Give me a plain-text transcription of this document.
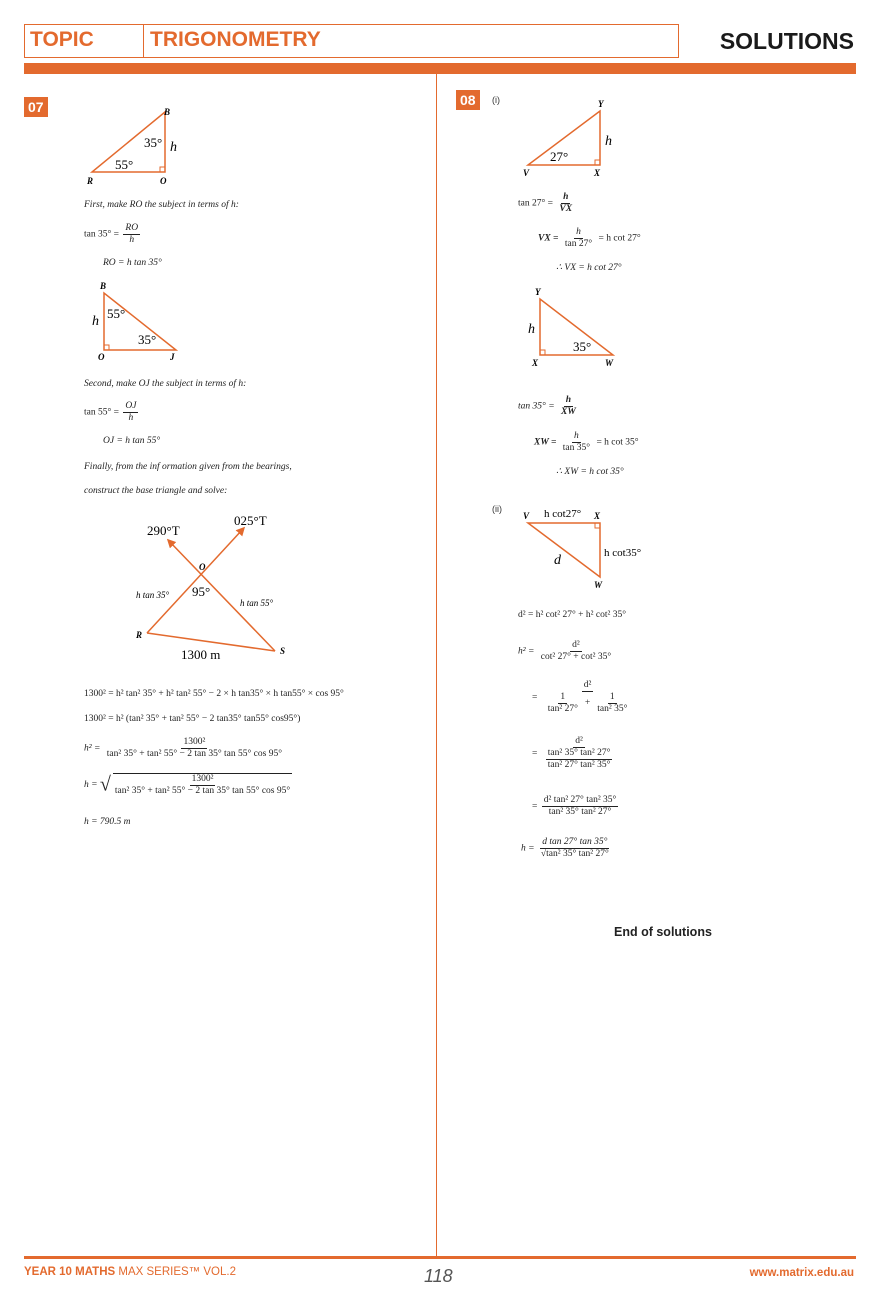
TOPIC	TRIGONOMETRY	SOLUTIONS
07	B
R	O
35°
55°
h
First, make RO the subject in terms of h:
$\tan 35^\circ = \frac{RO}{h}$
RO = h tan 35°
B
O	J
55°
35°
h
Second, make OJ the subject in terms of h:
$\tan 55^\circ = \frac{OJ}{h}$
OJ = h tan 55°
Finally, from the inf ormation given from the bearings,
construct the base triangle and solve:
290°T
025°T
O
R
S
95°
h tan 35°
h tan 55°
1300 m
1300² = h² tan² 35° + h² tan² 55° − 2 × h tan35° × h tan55° × cos 95°
1300² = h² (tan² 35° + tan² 55° − 2 tan35° tan55° cos95°)
$h^2 = \frac{\text{1300²}}{\text{tan² 35° + tan² 55° − 2 tan 35° tan 55° cos 95°}}$
h = √ $\frac{\text{1300²}}{\text{tan² 35° + tan² 55° − 2 tan 35° tan 55° cos 95°}}$
h = 790.5 m
08	(i)	Y
V	X
27°
h
$\tan 27^\circ = \frac{h}{VX}$
VX = $\frac{h}{\tan 27^\circ} = h$ cot 27°
∴ VX = h cot 27°
Y
X	W
35°
h
$\tan 35^\circ = \frac{h}{XW}$
XW = $\frac{h}{\tan 35^\circ} = h$ cot 35°
∴ XW = h cot 35°
(ii)
V	X
W
h cot27°
h cot35°
d
d² = h² cot² 27° + h² cot² 35°
$h^2 = \frac{\text{d²}}{\text{cot² 27° + cot² 35°}}$
= $\frac{\text{d²}}{\frac{1}{\text{tan² 27°}} + \frac{1}{\text{tan² 35°}}}$
= $\frac{\text{d²}}{\frac{\text{tan² 35° tan² 27°}}{\text{tan² 27° tan² 35°}}}$
= $\frac{\text{d² tan² 27° tan² 35°}}{\text{tan² 35° tan² 27°}}$
$h = \frac{\text{d tan 27° tan 35°}}{\text{√tan² 35° tan² 27°}}$
End of solutions
YEAR 10 MATHS MAX SERIES™ VOL.2	118	www.matrix.edu.au
